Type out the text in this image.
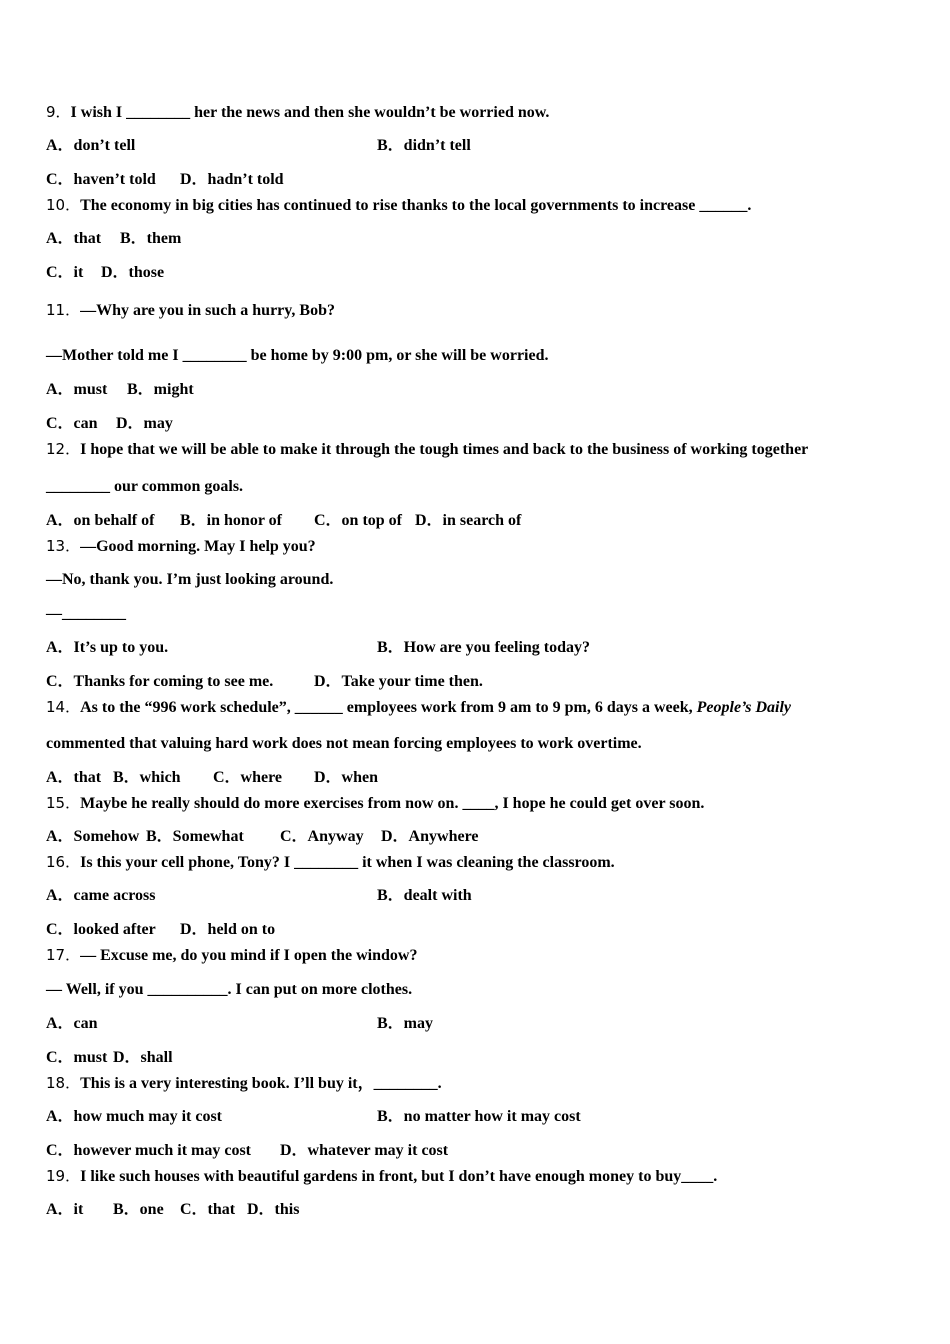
9．I wish I ________ her the news and then she wouldn’t be worried now.
A．don’t tell	B．didn’t tell
C．haven’t told D．hadn’t told
10．The economy in big cities has continued to rise thanks to the local governments to increase ______.
A．that B．them
C．it D．those
11．—Why are you in such a hurry, Bob?
—Mother told me I ________ be home by 9:00 pm, or she will be worried.
A．must B．might
C．can D．may
12．I hope that we will be able to make it through the tough times and back to the business of working together
________ our common goals.
A．on behalf of B．in honor of C．on top of D．in search of
13．—Good morning. May I help you?
—No, thank you. I’m just looking around.
—________
A．It’s up to you.	B．How are you feeling today?
C．Thanks for coming to see me.	D．Take your time then.
14．As to the “996 work schedule”, ______ employees work from 9 am to 9 pm, 6 days a week, People’s Daily
commented that valuing hard work does not mean forcing employees to work overtime.
A．that B．which C．where D．when
15．Maybe he really should do more exercises from now on. ____, I hope he could get over soon.
A．Somehow B．Somewhat C．Anyway D．Anywhere
16．Is this your cell phone, Tony? I ________ it when I was cleaning the classroom.
A．came across	B．dealt with
C．looked after D．held on to
17．— Excuse me, do you mind if I open the window?
— Well, if you __________. I can put on more clothes.
A．can	B．may
C．must D．shall
18．This is a very interesting book. I’ll buy it，________.
A．how much may it cost	B．no matter how it may cost
C．however much it may cost D．whatever may it cost
19．I like such houses with beautiful gardens in front, but I don’t have enough money to buy____.
A．it B．one C．that D．this
